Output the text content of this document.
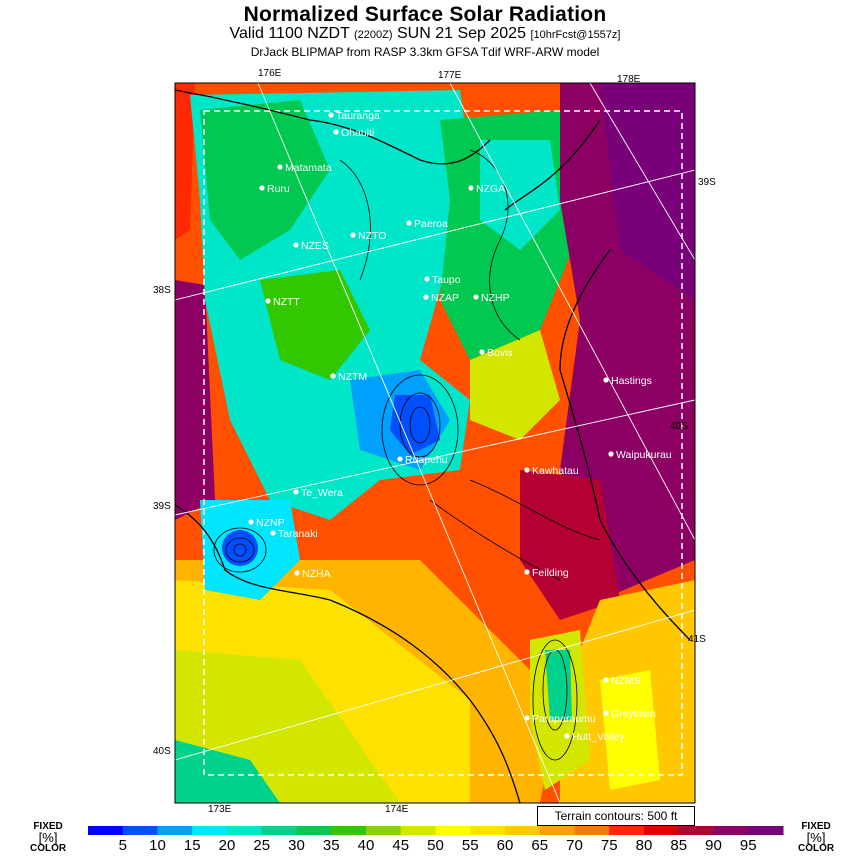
Normalized Surface Solar Radiation
Valid 1100 NZDT (2200Z) SUN 21 Sep 2025 [10hrFcst@1557z]
DrJack BLIPMAP from RASP 3.3km GFSA Tdif WRF-ARW model
176E	177E	178E
173E	174E
38S
39S
40S
39S
40S
41S
Tauranga
Ohauiti
Matamata
NZGA
Ruru
Paeroa
NZES
NZTO
Taupo
NZAP
NZTT	NZHP
Bovis
Hastings
NZTM
Ruapehu	Waipukurau
Kawhatau
Te_Wera
NZNP
Taranaki
NZHA	Feilding
NZMS
Greytown
Paraparaumu
Hutt_Valley
FIXED
[%]
COLOR
FIXED
[%]
COLOR
Terrain contours: 500 ft
5	10	15	20	25	30	35	40	45	50	55	60	65	70	75	80	85	90	95
